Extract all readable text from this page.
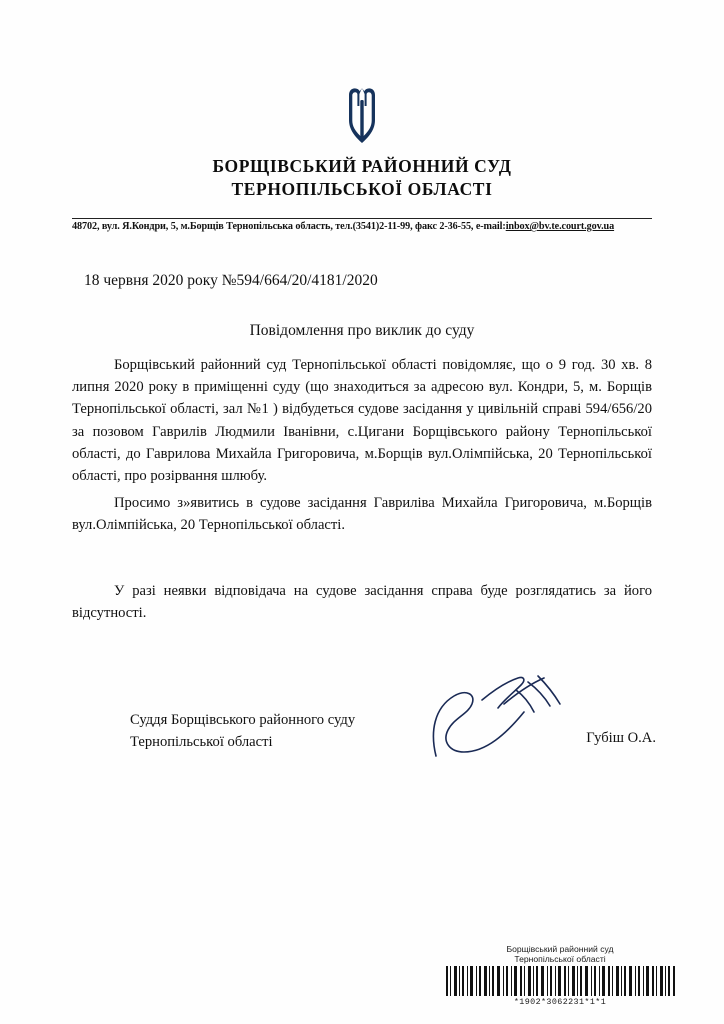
БОРЩІВСЬКИЙ РАЙОННИЙ СУД
ТЕРНОПІЛЬСЬКОЇ ОБЛАСТІ
48702, вул. Я.Кондри, 5, м.Борщів Тернопільська область, тел.(3541)2-11-99, факс 2-36-55, e-mail:inbox@bv.te.court.gov.ua
18 червня 2020 року №594/664/20/4181/2020
Повідомлення про виклик до суду
Борщівський районний суд Тернопільської області повідомляє, що о 9 год. 30 хв. 8 липня 2020 року в приміщенні суду (що знаходиться за адресою вул. Кондри, 5, м. Борщів Тернопільської області, зал №1 ) відбудеться судове засідання у цивільній справі 594/656/20 за позовом Гаврилів Людмили Іванівни, с.Цигани Борщівського району Тернопільської області, до Гаврилова Михайла Григоровича, м.Борщів вул.Олімпійська, 20 Тернопільської області, про розірвання шлюбу.
Просимо з»явитись в судове засідання Гаврилiва Михайла Григоровича, м.Борщів вул.Олімпійська, 20 Тернопільської області.
У разі неявки відповідача на судове засідання справа буде розглядатись за його відсутності.
Суддя Борщівського районного суду
Тернопільської області	Губіш О.А.
Борщівський районний суд
Тернопільської області
*1902*3062231*1*1
